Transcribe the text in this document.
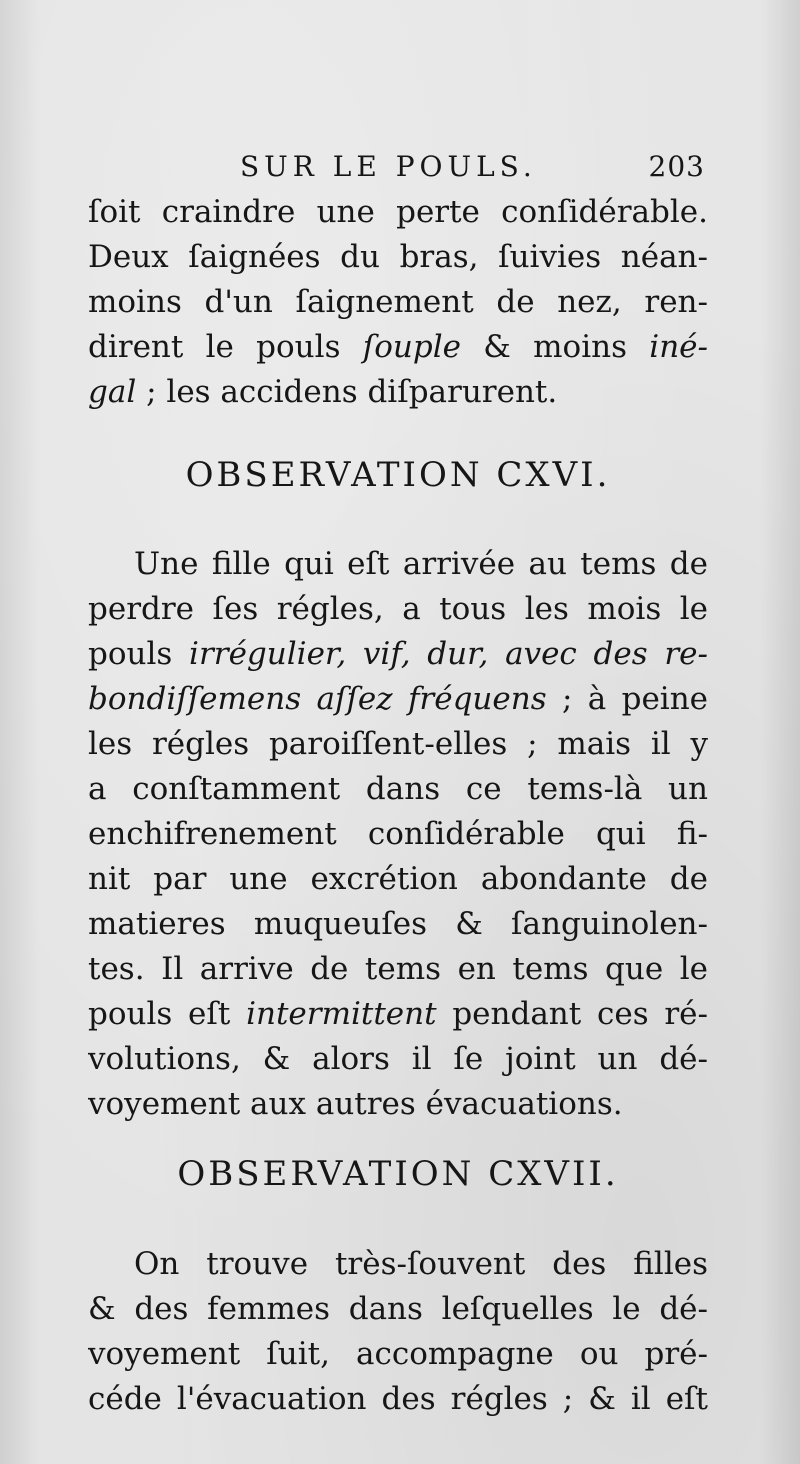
SUR LE POULS.	203
ſoit craindre une perte conſidérable.
Deux ſaignées du bras, ſuivies néan-
moins d'un ſaignement de nez, ren-
dirent le pouls ſouple & moins iné-
gal ; les accidens diſparurent.
OBSERVATION CXVI.
Une fille qui eſt arrivée au tems de
perdre ſes régles, a tous les mois le
pouls irrégulier, vif, dur, avec des re-
bondiſſemens aſſez fréquens ; à peine
les régles paroiſſent-elles ; mais il y
a conſtamment dans ce tems-là un
enchifrenement conſidérable qui fi-
nit par une excrétion abondante de
matieres muqueuſes & ſanguinolen-
tes. Il arrive de tems en tems que le
pouls eſt intermittent pendant ces ré-
volutions, & alors il ſe joint un dé-
voyement aux autres évacuations.
OBSERVATION CXVII.
On trouve très-ſouvent des filles
& des femmes dans leſquelles le dé-
voyement ſuit, accompagne ou pré-
céde l'évacuation des régles ; & il eſt
